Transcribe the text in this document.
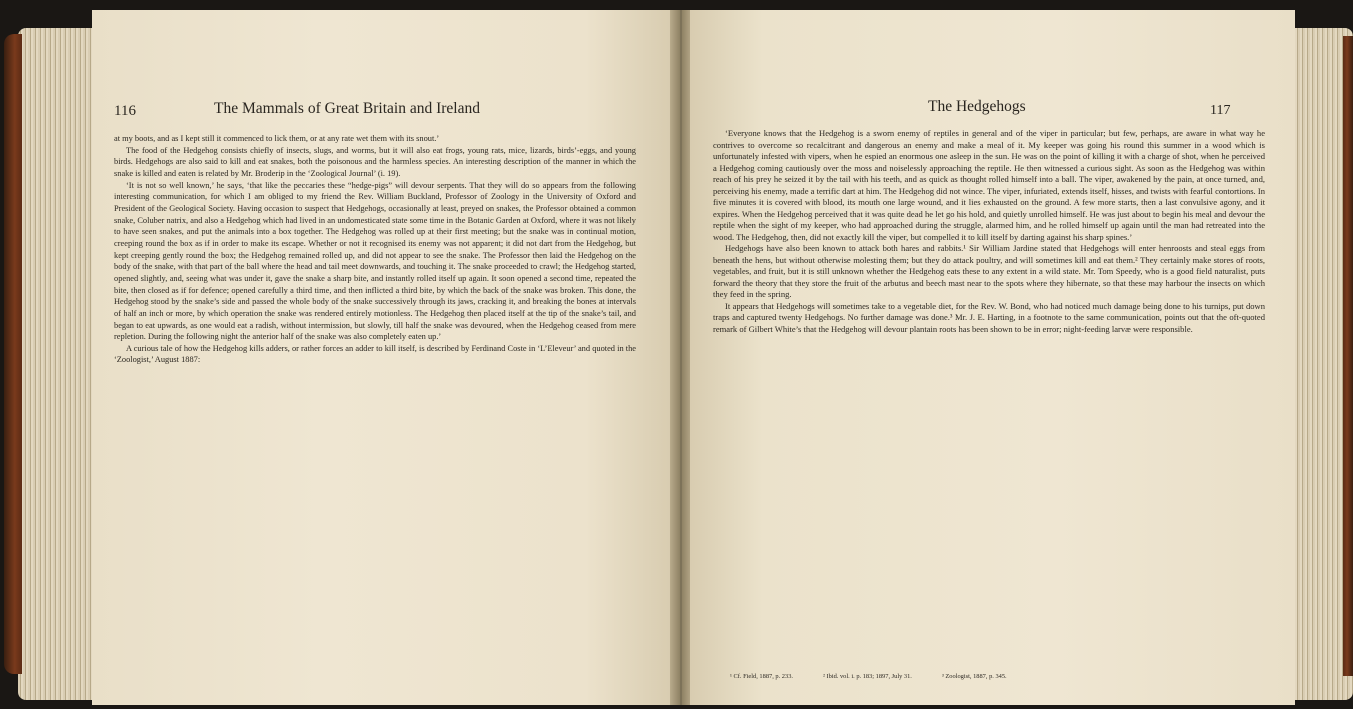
116	The Mammals of Great Britain and Ireland

at my boots, and as I kept still it commenced to lick them, or at any rate wet them with its snout.’

The food of the Hedgehog consists chiefly of insects, slugs, and worms, but it will also eat frogs, young rats, mice, lizards, birds’-eggs, and young birds. Hedgehogs are also said to kill and eat snakes, both the poisonous and the harmless species. An interesting description of the manner in which the snake is killed and eaten is related by Mr. Broderip in the ‘Zoological Journal’ (i. 19).

‘It is not so well known,’ he says, ‘that like the peccaries these “hedge-pigs” will devour serpents. That they will do so appears from the following interesting communication, for which I am obliged to my friend the Rev. William Buckland, Professor of Zoology in the University of Oxford and President of the Geological Society. Having occasion to suspect that Hedgehogs, occasionally at least, preyed on snakes, the Professor obtained a common snake, Coluber natrix, and also a Hedgehog which had lived in an undomesticated state some time in the Botanic Garden at Oxford, where it was not likely to have seen snakes, and put the animals into a box together. The Hedgehog was rolled up at their first meeting; but the snake was in continual motion, creeping round the box as if in order to make its escape. Whether or not it recognised its enemy was not apparent; it did not dart from the Hedgehog, but kept creeping gently round the box; the Hedgehog remained rolled up, and did not appear to see the snake. The Professor then laid the Hedgehog on the body of the snake, with that part of the ball where the head and tail meet downwards, and touching it. The snake proceeded to crawl; the Hedgehog started, opened slightly, and, seeing what was under it, gave the snake a sharp bite, and instantly rolled itself up again. It soon opened a second time, repeated the bite, then closed as if for defence; opened carefully a third time, and then inflicted a third bite, by which the back of the snake was broken. This done, the Hedgehog stood by the snake’s side and passed the whole body of the snake successively through its jaws, cracking it, and breaking the bones at intervals of half an inch or more, by which operation the snake was rendered entirely motionless. The Hedgehog then placed itself at the tip of the snake’s tail, and began to eat upwards, as one would eat a radish, without intermission, but slowly, till half the snake was devoured, when the Hedgehog ceased from mere repletion. During the following night the anterior half of the snake was also completely eaten up.’

A curious tale of how the Hedgehog kills adders, or rather forces an adder to kill itself, is described by Ferdinand Coste in ‘L’Eleveur’ and quoted in the ‘Zoologist,’ August 1887:

The Hedgehogs	117

‘Everyone knows that the Hedgehog is a sworn enemy of reptiles in general and of the viper in particular; but few, perhaps, are aware in what way he contrives to overcome so recalcitrant and dangerous an enemy and make a meal of it. My keeper was going his round this summer in a wood which is unfortunately infested with vipers, when he espied an enormous one asleep in the sun. He was on the point of killing it with a charge of shot, when he perceived a Hedgehog coming cautiously over the moss and noiselessly approaching the reptile. He then witnessed a curious sight. As soon as the Hedgehog was within reach of his prey he seized it by the tail with his teeth, and as quick as thought rolled himself into a ball. The viper, awakened by the pain, at once turned, and, perceiving his enemy, made a terrific dart at him. The Hedgehog did not wince. The viper, infuriated, extends itself, hisses, and twists with fearful contortions. In five minutes it is covered with blood, its mouth one large wound, and it lies exhausted on the ground. A few more starts, then a last convulsive agony, and it expires. When the Hedgehog perceived that it was quite dead he let go his hold, and quietly unrolled himself. He was just about to begin his meal and devour the reptile when the sight of my keeper, who had approached during the struggle, alarmed him, and he rolled himself up again until the man had retreated into the wood. The Hedgehog, then, did not exactly kill the viper, but compelled it to kill itself by darting against his sharp spines.’

Hedgehogs have also been known to attack both hares and rabbits.¹ Sir William Jardine stated that Hedgehogs will enter henroosts and steal eggs from beneath the hens, but without otherwise molesting them; but they do attack poultry, and will sometimes kill and eat them.² They certainly make stores of roots, vegetables, and fruit, but it is still unknown whether the Hedgehog eats these to any extent in a wild state. Mr. Tom Speedy, who is a good field naturalist, puts forward the theory that they store the fruit of the arbutus and beech mast near to the spots where they hibernate, so that these may harbour the insects on which they feed in the spring.

It appears that Hedgehogs will sometimes take to a vegetable diet, for the Rev. W. Bond, who had noticed much damage being done to his turnips, put down traps and captured twenty Hedgehogs. No further damage was done.³ Mr. J. E. Harting, in a footnote to the same communication, points out that the oft-quoted remark of Gilbert White’s that the Hedgehog will devour plantain roots has been shown to be in error; night-feeding larvæ were responsible.

¹ Cf. Field, 1887, p. 233.	² Ibid. vol. i. p. 183; 1897, July 31.	³ Zoologist, 1887, p. 345.
